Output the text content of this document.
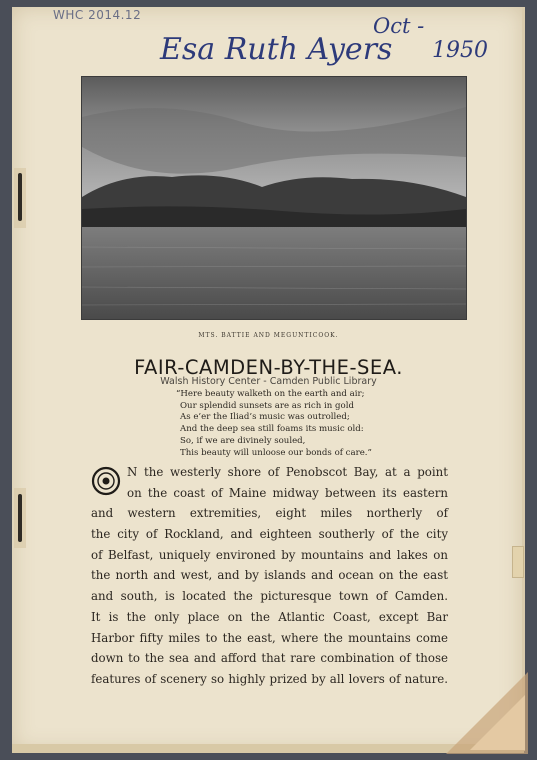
WHC 2014.12
Esa Ruth Ayers
Oct -
1950
MTS. BATTIE AND MEGUNTICOOK.
FAIR-CAMDEN-BY-THE-SEA.
Walsh History Center - Camden Public Library
“Here beauty walketh on the earth and air;
Our splendid sunsets are as rich in gold
As e’er the Iliad’s music was outrolled;
And the deep sea still foams its music old:
So, if we are divinely souled,
This beauty will unloose our bonds of care.”
N the westerly shore of Penobscot Bay, at a point
on the coast of Maine midway between its eastern
and western extremities, eight miles northerly of
the city of Rockland, and eighteen southerly of the city
of Belfast, uniquely environed by mountains and lakes on
the north and west, and by islands and ocean on the east
and south, is located the picturesque town of Camden.
It is the only place on the Atlantic Coast, except Bar
Harbor fifty miles to the east, where the mountains come
down to the sea and afford that rare combination of those
features of scenery so highly prized by all lovers of nature.
